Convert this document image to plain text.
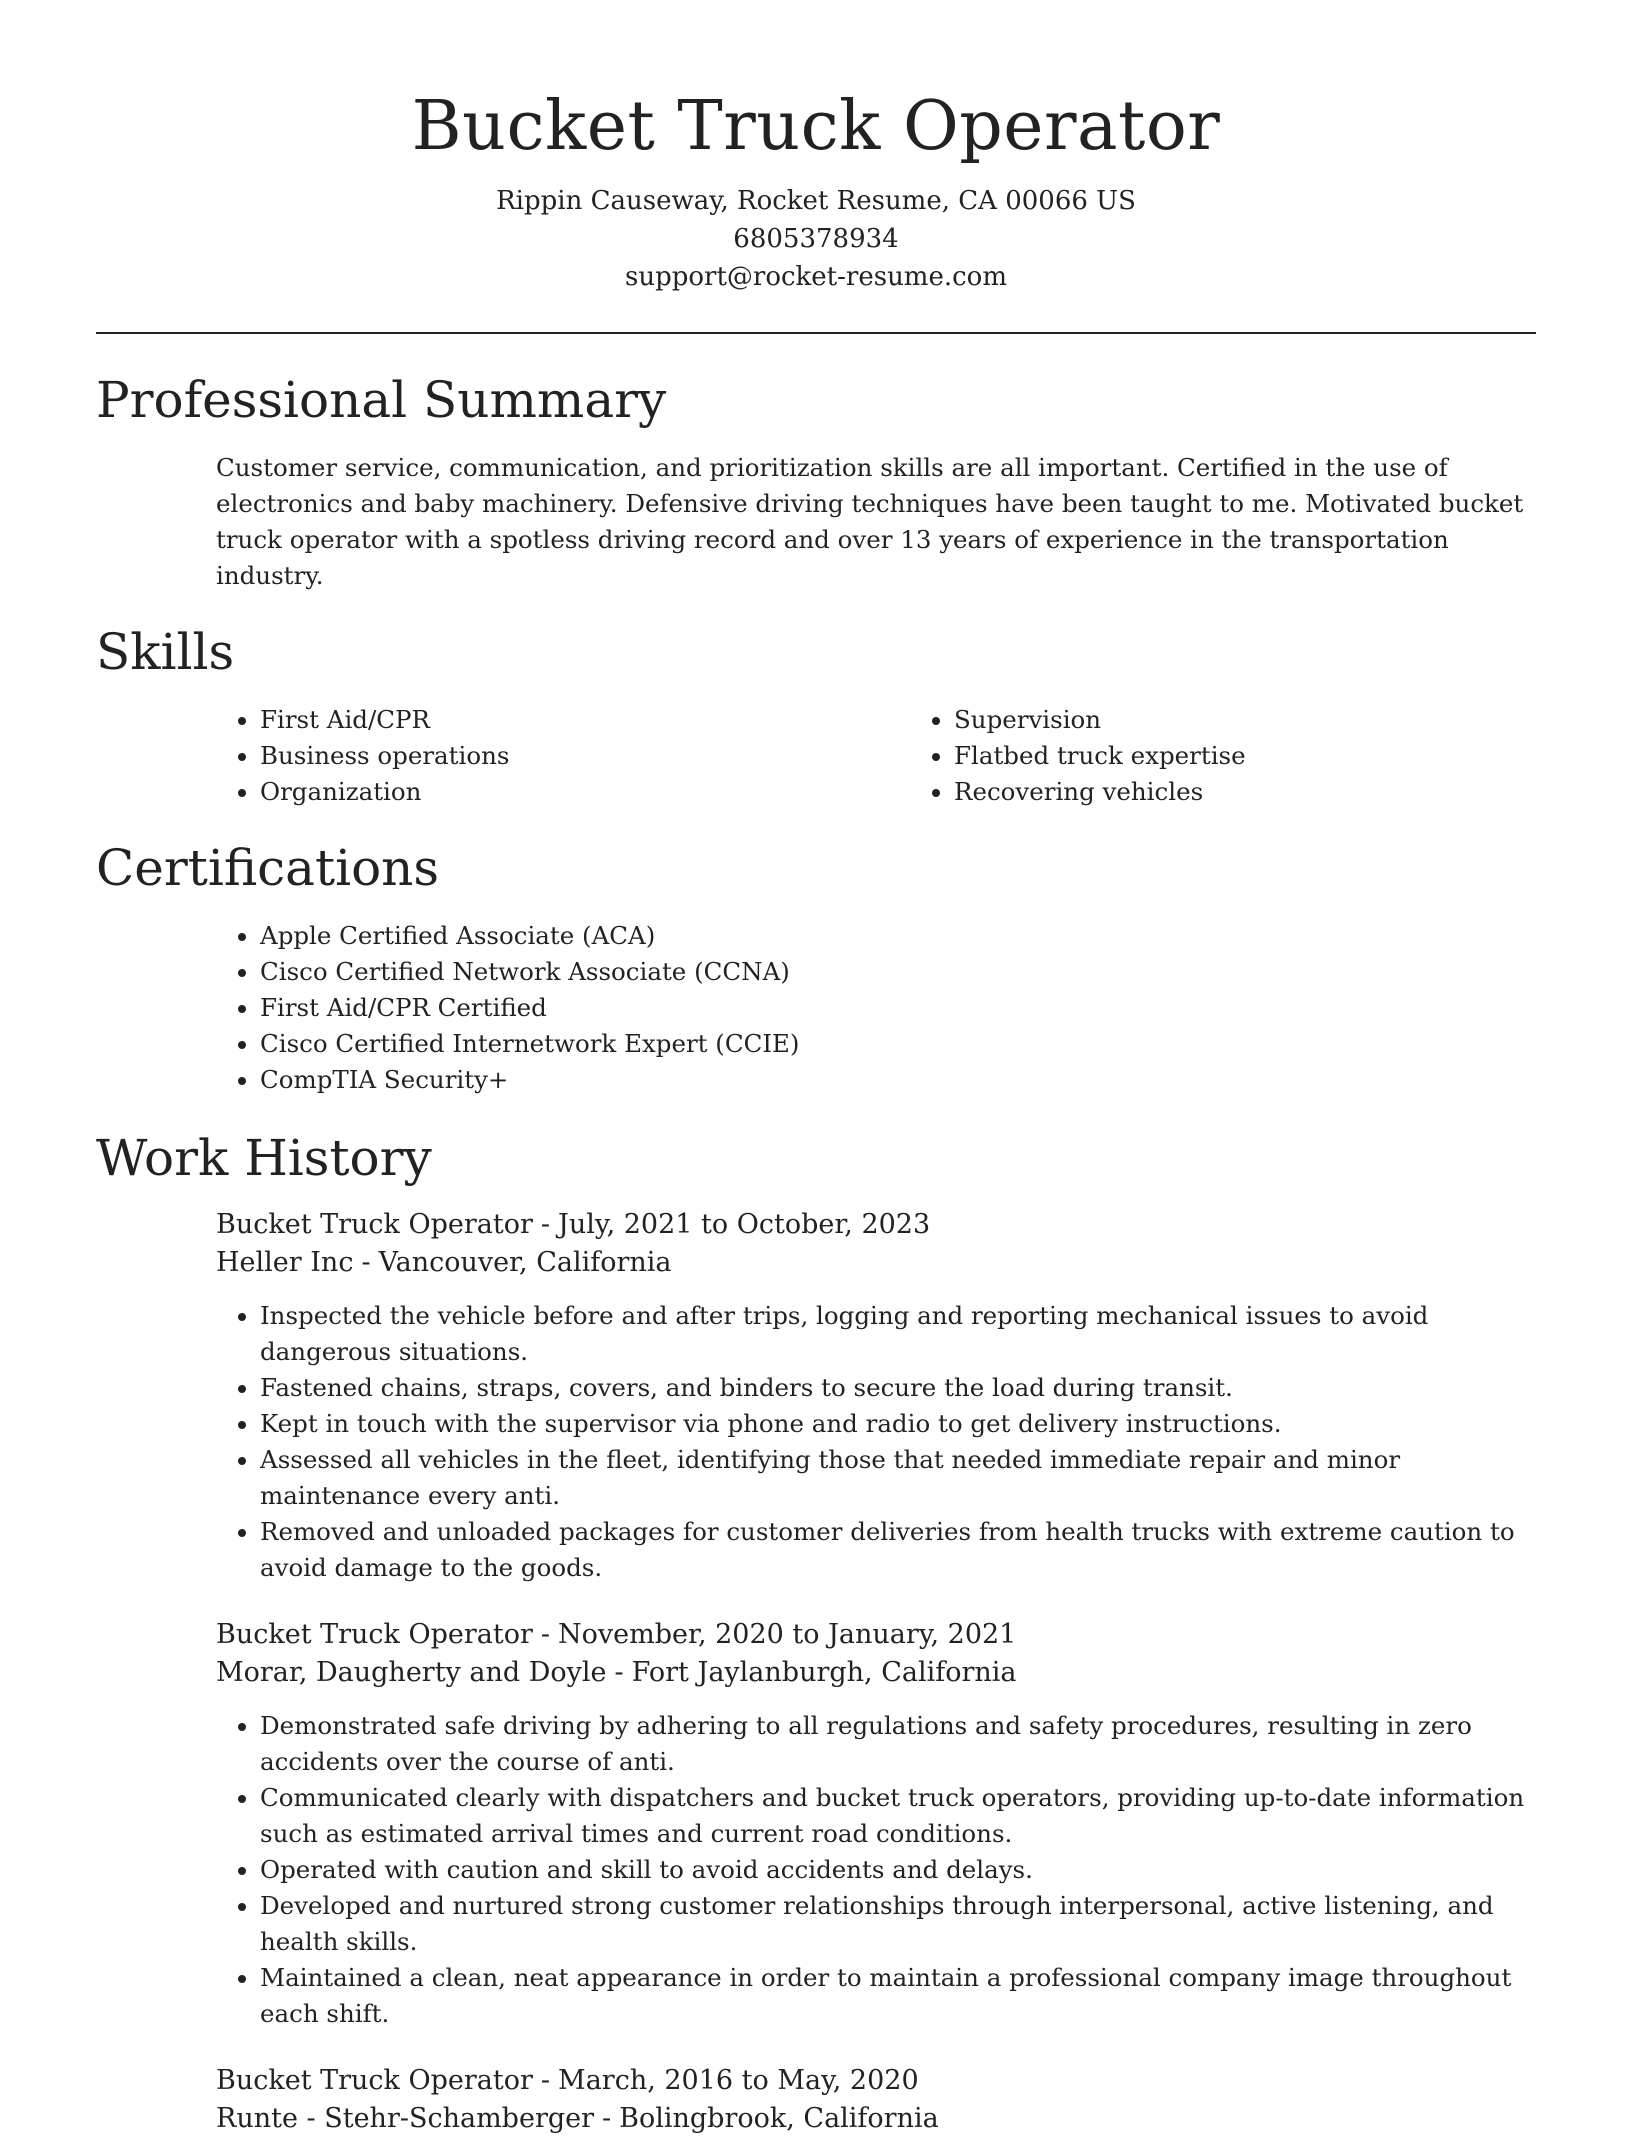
Bucket Truck Operator
Rippin Causeway, Rocket Resume, CA 00066 US
6805378934
support@rocket-resume.com
Professional Summary

Customer service, communication, and prioritization skills are all important. Certified in the use of electronics and baby machinery. Defensive driving techniques have been taught to me. Motivated bucket truck operator with a spotless driving record and over 13 years of experience in the transportation industry.

Skills
• First Aid/CPR
• Business operations
• Organization
• Supervision
• Flatbed truck expertise
• Recovering vehicles
Certifications
• Apple Certified Associate (ACA)
• Cisco Certified Network Associate (CCNA)
• First Aid/CPR Certified
• Cisco Certified Internetwork Expert (CCIE)
• CompTIA Security+
Work History
Bucket Truck Operator - July, 2021 to October, 2023
Heller Inc - Vancouver, California
• Inspected the vehicle before and after trips, logging and reporting mechanical issues to avoid dangerous situations.
• Fastened chains, straps, covers, and binders to secure the load during transit.
• Kept in touch with the supervisor via phone and radio to get delivery instructions.
• Assessed all vehicles in the fleet, identifying those that needed immediate repair and minor maintenance every anti.
• Removed and unloaded packages for customer deliveries from health trucks with extreme caution to avoid damage to the goods.
Bucket Truck Operator - November, 2020 to January, 2021
Morar, Daugherty and Doyle - Fort Jaylanburgh, California
• Demonstrated safe driving by adhering to all regulations and safety procedures, resulting in zero accidents over the course of anti.
• Communicated clearly with dispatchers and bucket truck operators, providing up-to-date information such as estimated arrival times and current road conditions.
• Operated with caution and skill to avoid accidents and delays.
• Developed and nurtured strong customer relationships through interpersonal, active listening, and health skills.
• Maintained a clean, neat appearance in order to maintain a professional company image throughout each shift.
Bucket Truck Operator - March, 2016 to May, 2020
Runte - Stehr-Schamberger - Bolingbrook, California
